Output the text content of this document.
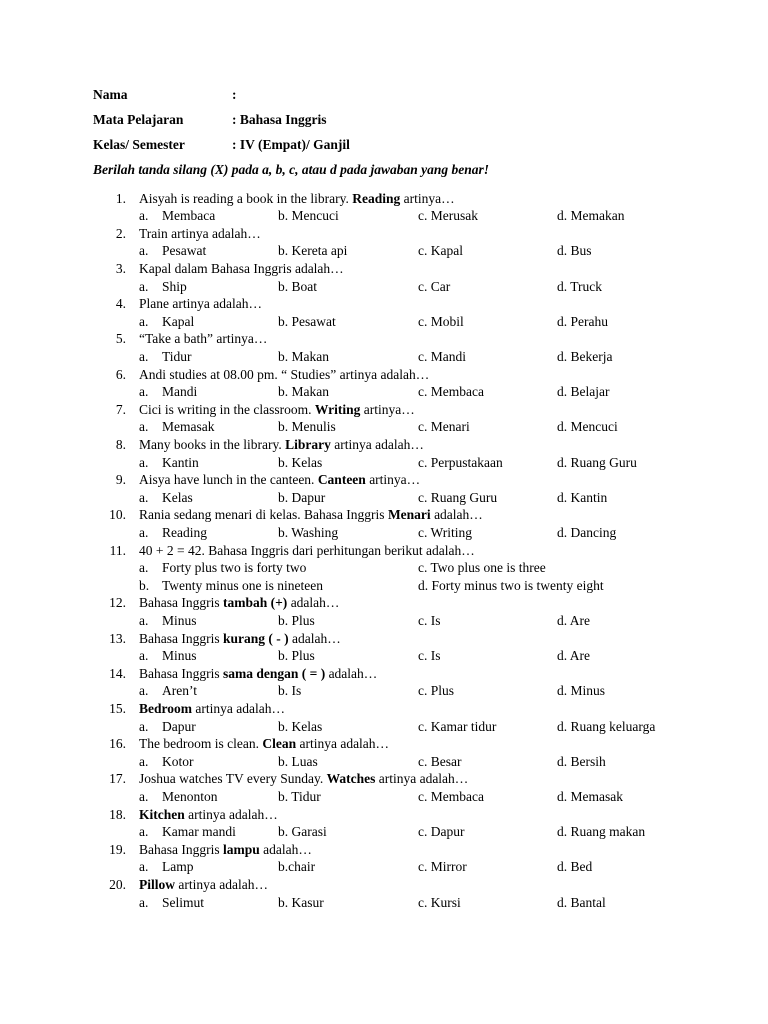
Nama	:
Mata Pelajaran	: Bahasa Inggris
Kelas/ Semester	: IV (Empat)/ Ganjil
Berilah tanda silang (X) pada a, b, c, atau d pada jawaban yang benar!
1. Aisyah is reading a book in the library. Reading artinya…
a. Membaca	b. Mencuci	c. Merusak	d. Memakan
2. Train artinya adalah…
a. Pesawat	b. Kereta api	c. Kapal	d. Bus
3. Kapal dalam Bahasa Inggris adalah…
a. Ship	b. Boat	c. Car	d. Truck
4. Plane artinya adalah…
a. Kapal	b. Pesawat	c. Mobil	d. Perahu
5. “Take a bath” artinya…
a. Tidur	b. Makan	c. Mandi	d. Bekerja
6. Andi studies at 08.00 pm. “ Studies” artinya adalah…
a. Mandi	b. Makan	c. Membaca	d. Belajar
7. Cici is writing in the classroom. Writing artinya…
a. Memasak	b. Menulis	c. Menari	d. Mencuci
8. Many books in the library. Library artinya adalah…
a. Kantin	b. Kelas	c. Perpustakaan	d. Ruang Guru
9. Aisya have lunch in the canteen. Canteen artinya…
a. Kelas	b. Dapur	c. Ruang Guru	d. Kantin
10. Rania sedang menari di kelas. Bahasa Inggris Menari adalah…
a. Reading	b. Washing	c. Writing	d. Dancing
11. 40 + 2 = 42. Bahasa Inggris dari perhitungan berikut adalah…
a. Forty plus two is forty two	c. Two plus one is three
b. Twenty minus one is nineteen	d. Forty minus two is twenty eight
12. Bahasa Inggris tambah (+) adalah…
a. Minus	b. Plus	c. Is	d. Are
13. Bahasa Inggris kurang ( - ) adalah…
a. Minus	b. Plus	c. Is	d. Are
14. Bahasa Inggris sama dengan ( = ) adalah…
a. Aren’t	b. Is	c. Plus	d. Minus
15. Bedroom artinya adalah…
a. Dapur	b. Kelas	c. Kamar tidur	d. Ruang keluarga
16. The bedroom is clean. Clean artinya adalah…
a. Kotor	b. Luas	c. Besar	d. Bersih
17. Joshua watches TV every Sunday. Watches artinya adalah…
a. Menonton	b. Tidur	c. Membaca	d. Memasak
18. Kitchen artinya adalah…
a. Kamar mandi	b. Garasi	c. Dapur	d. Ruang makan
19. Bahasa Inggris lampu adalah…
a. Lamp	b.chair	c. Mirror	d. Bed
20. Pillow artinya adalah…
a. Selimut	b. Kasur	c. Kursi	d. Bantal
